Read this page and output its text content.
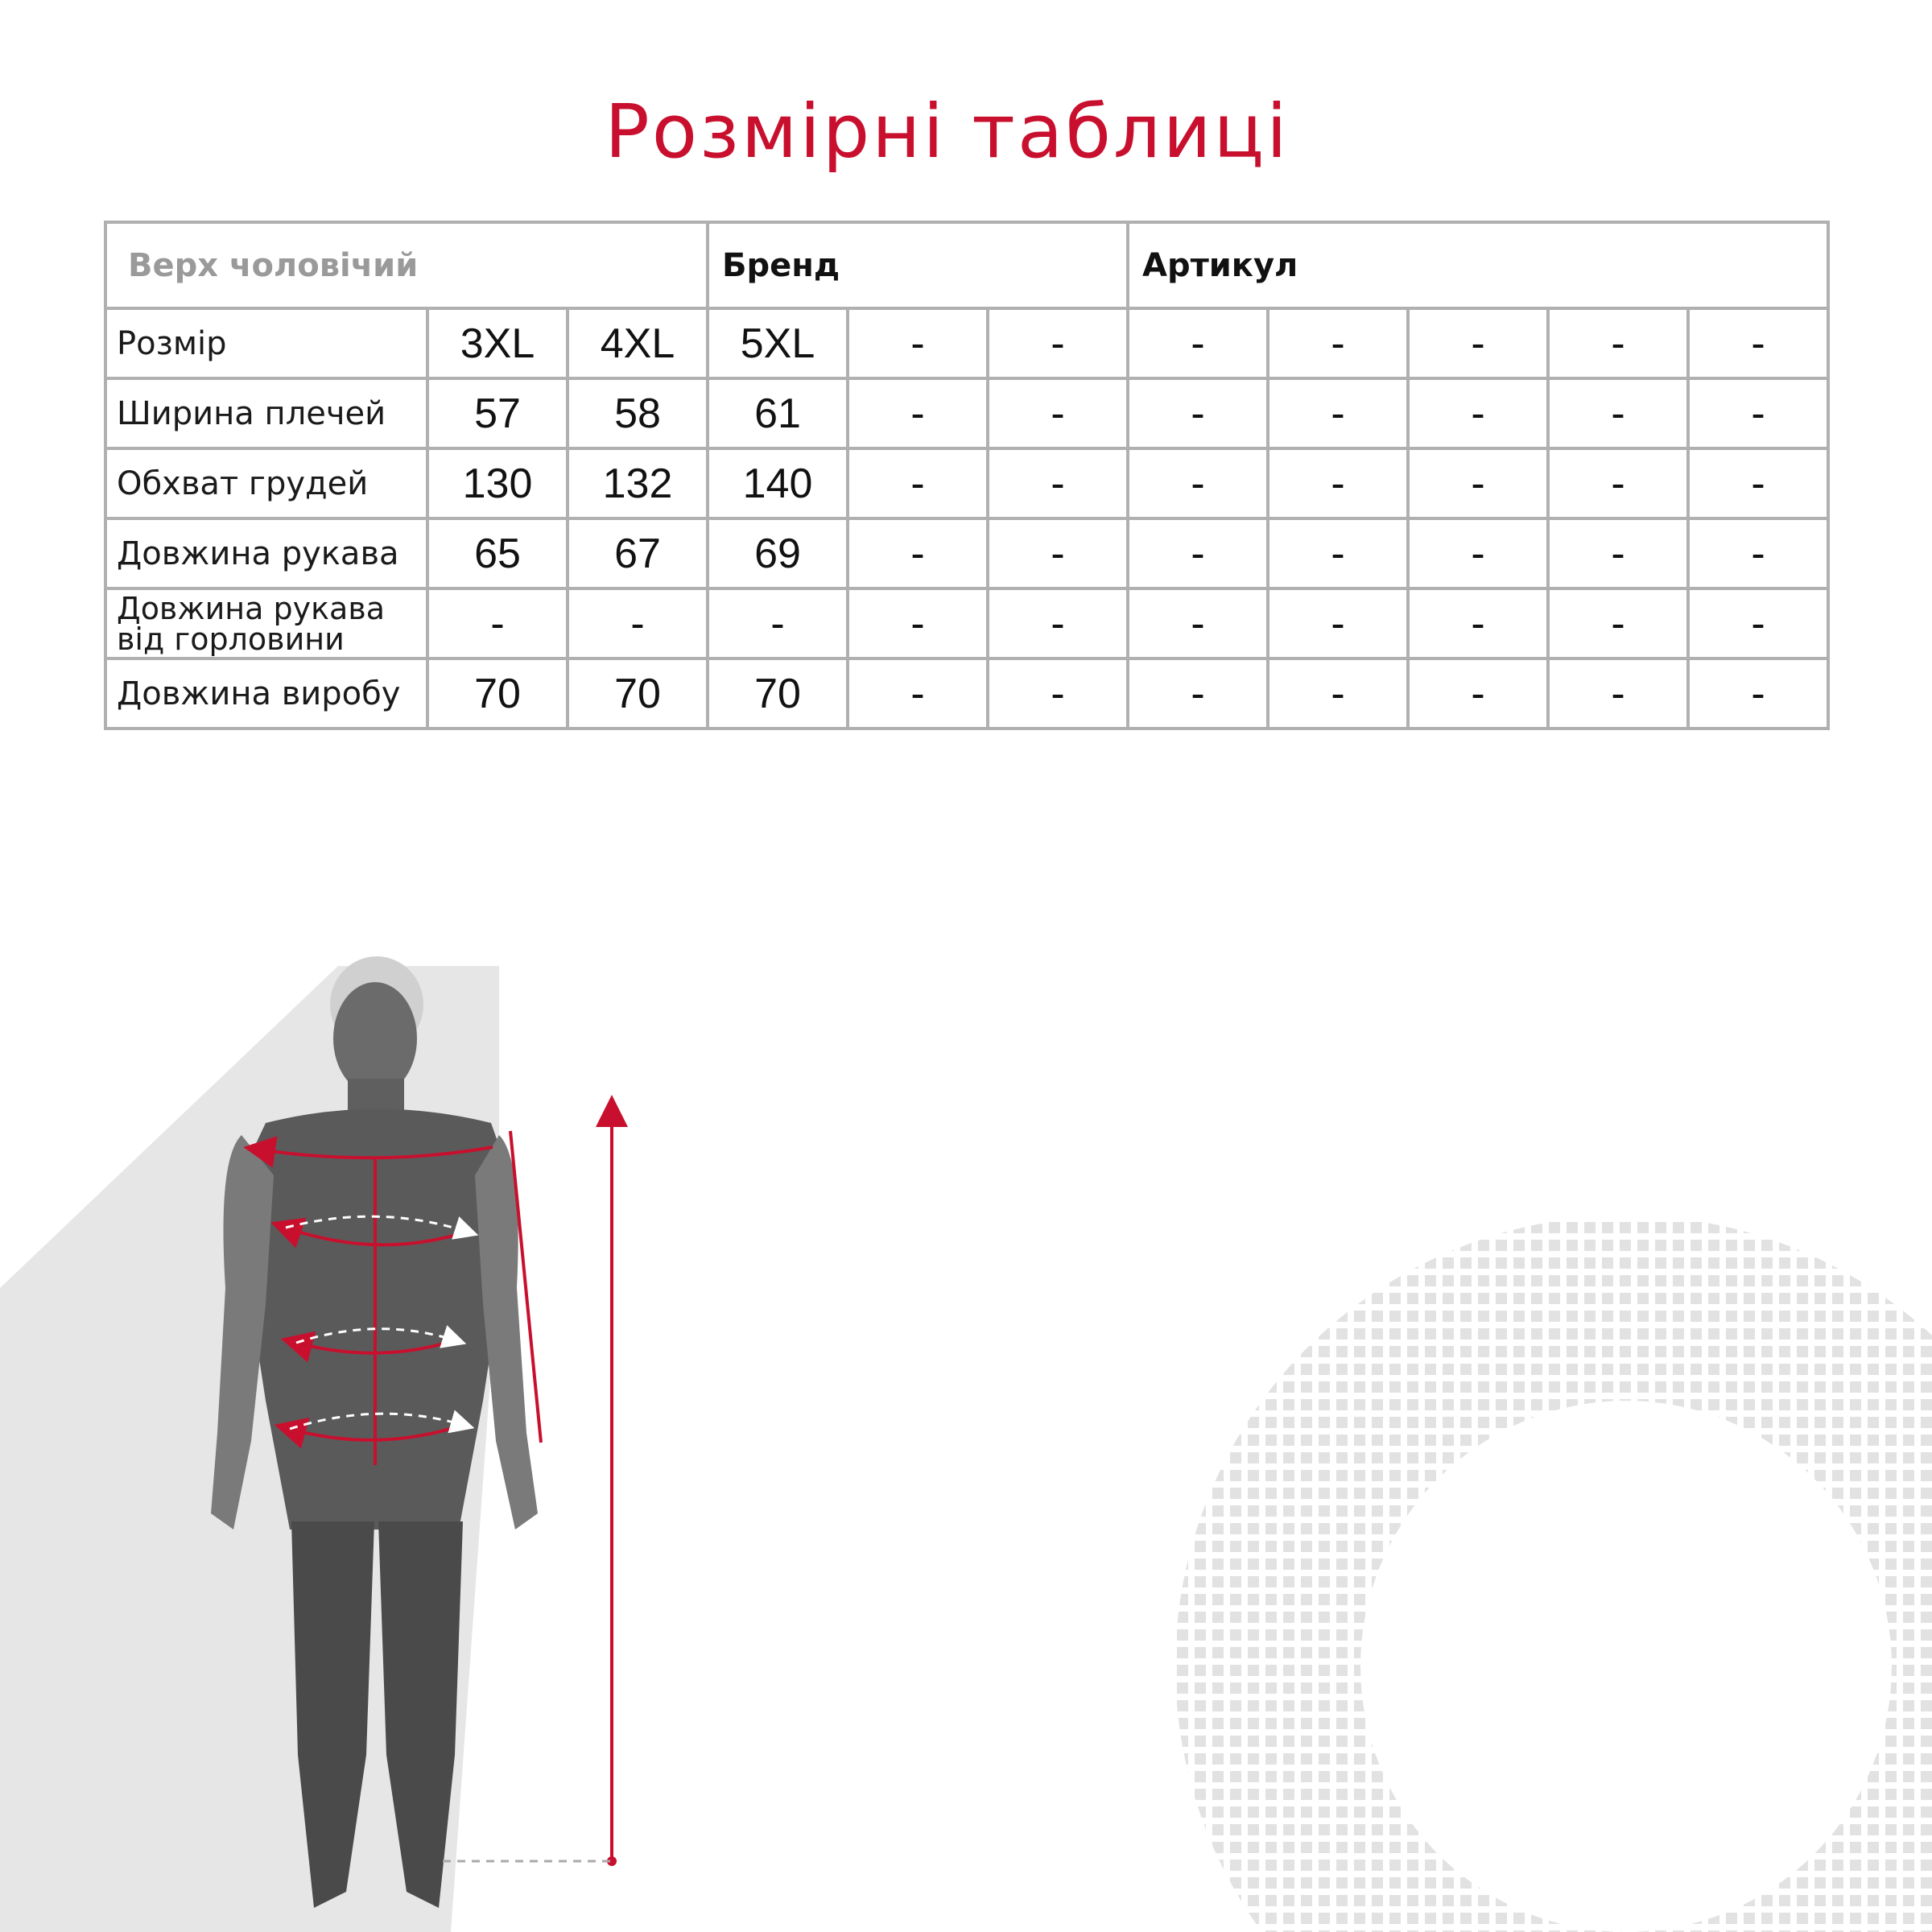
Розмірні таблиці
Верх чоловічий			Бренд			Артикул				
Розмір	3XL	4XL	5XL	-	-	-	-	-	-	-
Ширина плечей	57	58	61	-	-	-	-	-	-	-
Обхват грудей	130	132	140	-	-	-	-	-	-	-
Довжина рукава	65	67	69	-	-	-	-	-	-	-
Довжина рукава від горловини	-	-	-	-	-	-	-	-	-	-
Довжина виробу	70	70	70	-	-	-	-	-	-	-
